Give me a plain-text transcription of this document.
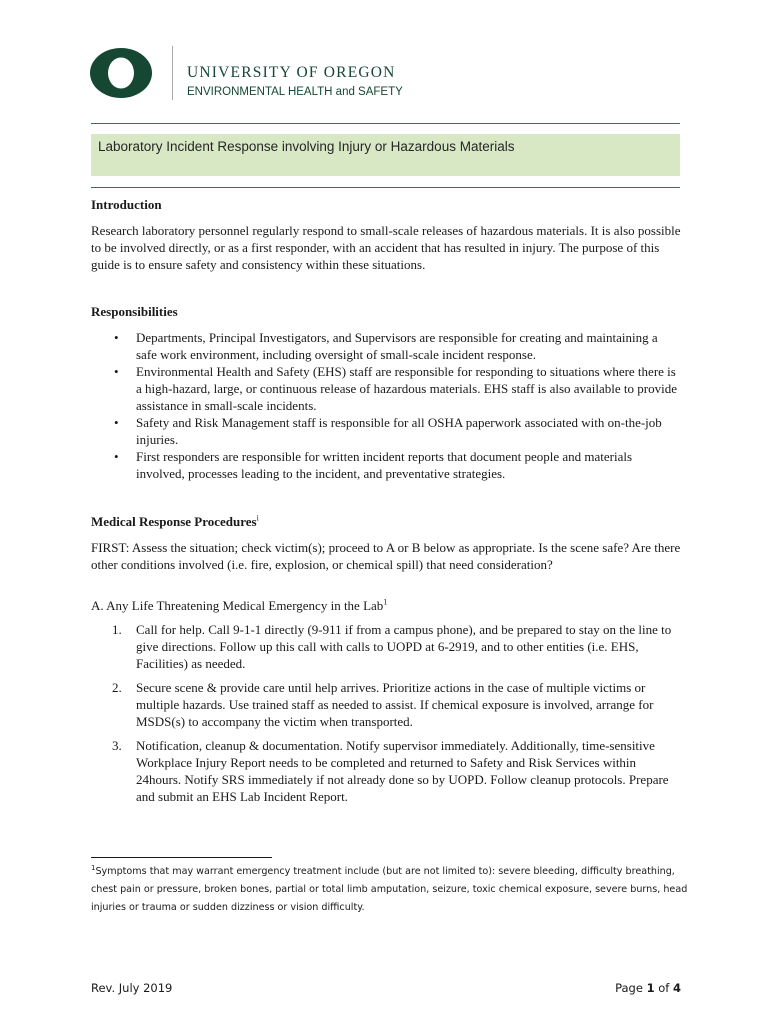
UNIVERSITY OF OREGON
ENVIRONMENTAL HEALTH and SAFETY
Laboratory Incident Response involving Injury or Hazardous Materials
Introduction
Research laboratory personnel regularly respond to small-scale releases of hazardous materials. It is also possible to be involved directly, or as a first responder, with an accident that has resulted in injury. The purpose of this guide is to ensure safety and consistency within these situations.
Responsibilities
• Departments, Principal Investigators, and Supervisors are responsible for creating and maintaining a safe work environment, including oversight of small-scale incident response.
• Environmental Health and Safety (EHS) staff are responsible for responding to situations where there is a high-hazard, large, or continuous release of hazardous materials. EHS staff is also available to provide assistance in small-scale incidents.
• Safety and Risk Management staff is responsible for all OSHA paperwork associated with on-the-job injuries.
• First responders are responsible for written incident reports that document people and materials involved, processes leading to the incident, and preventative strategies.
Medical Response Procedures$^i$
FIRST: Assess the situation; check victim(s); proceed to A or B below as appropriate. Is the scene safe? Are there other conditions involved (i.e. fire, explosion, or chemical spill) that need consideration?
A. Any Life Threatening Medical Emergency in the Lab$^1$
1. Call for help. Call 9-1-1 directly (9-911 if from a campus phone), and be prepared to stay on the line to give directions. Follow up this call with calls to UOPD at 6-2919, and to other entities (i.e. EHS, Facilities) as needed.
2. Secure scene & provide care until help arrives. Prioritize actions in the case of multiple victims or multiple hazards. Use trained staff as needed to assist. If chemical exposure is involved, arrange for MSDS(s) to accompany the victim when transported.
3. Notification, cleanup & documentation. Notify supervisor immediately. Additionally, time-sensitive Workplace Injury Report needs to be completed and returned to Safety and Risk Services within 24hours. Notify SRS immediately if not already done so by UOPD. Follow cleanup protocols. Prepare and submit an EHS Lab Incident Report.
$^1$Symptoms that may warrant emergency treatment include (but are not limited to): severe bleeding, difficulty breathing, chest pain or pressure, broken bones, partial or total limb amputation, seizure, toxic chemical exposure, severe burns, head injuries or trauma or sudden dizziness or vision difficulty.
Rev. July 2019	Page 1 of 4
